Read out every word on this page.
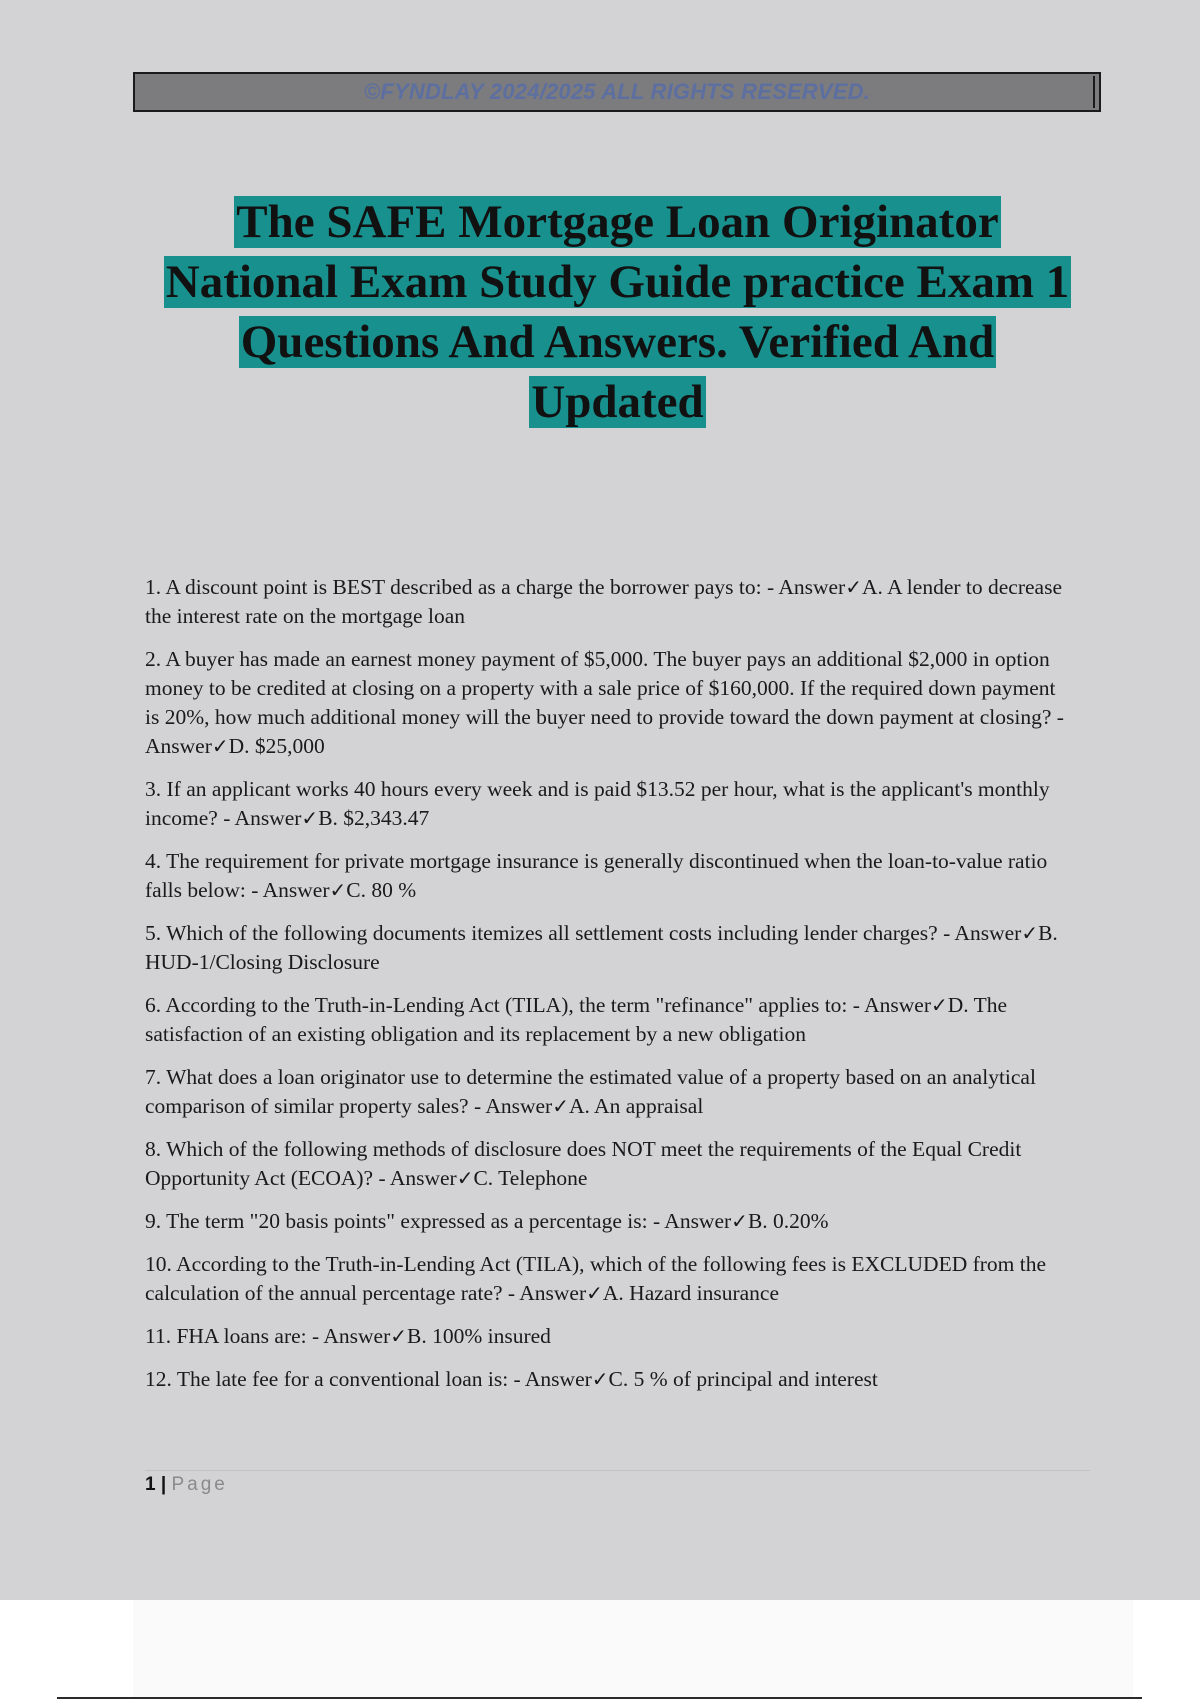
©FYNDLAY 2024/2025 ALL RIGHTS RESERVED.
The SAFE Mortgage Loan Originator
National Exam Study Guide practice Exam 1
Questions And Answers. Verified And
Updated
1. A discount point is BEST described as a charge the borrower pays to: - Answer✓A. A lender to decrease the interest rate on the mortgage loan
2. A buyer has made an earnest money payment of $5,000. The buyer pays an additional $2,000 in option money to be credited at closing on a property with a sale price of $160,000. If the required down payment is 20%, how much additional money will the buyer need to provide toward the down payment at closing? - Answer✓D. $25,000
3. If an applicant works 40 hours every week and is paid $13.52 per hour, what is the applicant's monthly income? - Answer✓B. $2,343.47
4. The requirement for private mortgage insurance is generally discontinued when the loan-to-value ratio falls below: - Answer✓C. 80 %
5. Which of the following documents itemizes all settlement costs including lender charges? - Answer✓B. HUD-1/Closing Disclosure
6. According to the Truth-in-Lending Act (TILA), the term "refinance" applies to: - Answer✓D. The satisfaction of an existing obligation and its replacement by a new obligation
7. What does a loan originator use to determine the estimated value of a property based on an analytical comparison of similar property sales? - Answer✓A. An appraisal
8. Which of the following methods of disclosure does NOT meet the requirements of the Equal Credit Opportunity Act (ECOA)? - Answer✓C. Telephone
9. The term "20 basis points" expressed as a percentage is: - Answer✓B. 0.20%
10. According to the Truth-in-Lending Act (TILA), which of the following fees is EXCLUDED from the calculation of the annual percentage rate? - Answer✓A. Hazard insurance
11. FHA loans are: - Answer✓B. 100% insured
12. The late fee for a conventional loan is: - Answer✓C. 5 % of principal and interest
1 | Page
